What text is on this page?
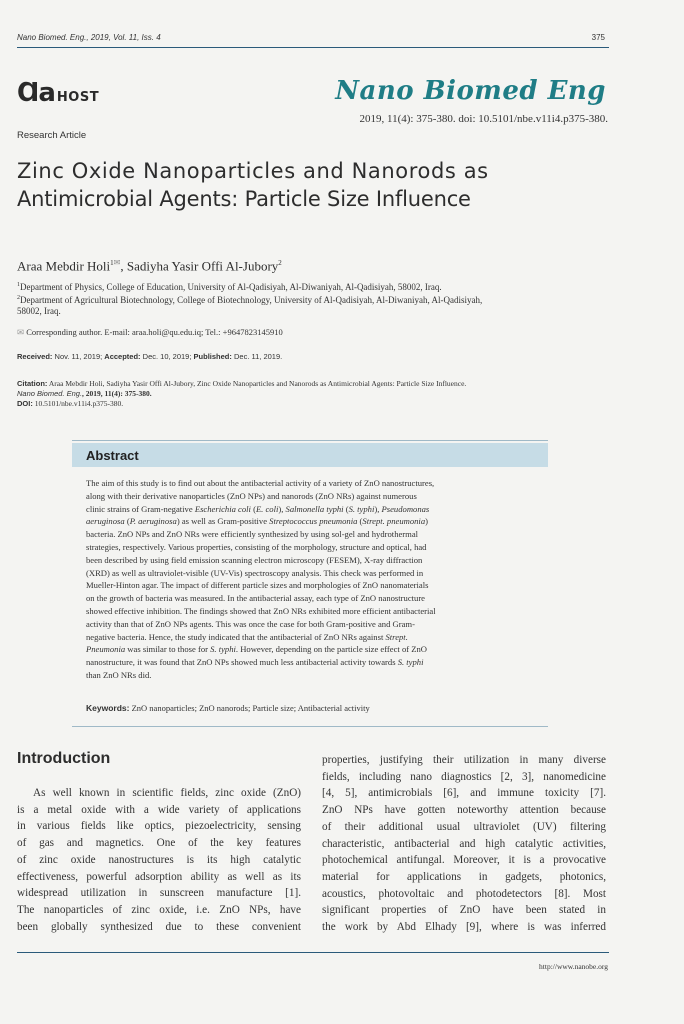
Nano Biomed. Eng., 2019, Vol. 11, Iss. 4	375
Ɑa HOST	Nano Biomed Eng
2019, 11(4): 375-380. doi: 10.5101/nbe.v11i4.p375-380.
Research Article
Zinc Oxide Nanoparticles and Nanorods as
Antimicrobial Agents: Particle Size Influence
Araa Mebdir Holi$^{1✉}$, Sadiyha Yasir Offi Al-Jubory$^2$
$^1$Department of Physics, College of Education, University of Al-Qadisiyah, Al-Diwaniyah, Al-Qadisiyah, 58002, Iraq.
$^2$Department of Agricultural Biotechnology, College of Biotechnology, University of Al-Qadisiyah, Al-Diwaniyah, Al-Qadisiyah,
58002, Iraq.
✉ Corresponding author. E-mail: araa.holi@qu.edu.iq; Tel.: +9647823145910
Received: Nov. 11, 2019; Accepted: Dec. 10, 2019; Published: Dec. 11, 2019.
Citation: Araa Mebdir Holi, Sadiyha Yasir Offi Al-Jubory, Zinc Oxide Nanoparticles and Nanorods as Antimicrobial Agents: Particle Size Influence.
Nano Biomed. Eng., 2019, 11(4): 375-380.
DOI: 10.5101/nbe.v11i4.p375-380.
Abstract
The aim of this study is to find out about the antibacterial activity of a variety of ZnO nanostructures,
along with their derivative nanoparticles (ZnO NPs) and nanorods (ZnO NRs) against numerous
clinic strains of Gram-negative Escherichia coli (E. coli), Salmonella typhi (S. typhi), Pseudomonas
aeruginosa (P. aeruginosa) as well as Gram-positive Streptococcus pneumonia (Strept. pneumonia)
bacteria. ZnO NPs and ZnO NRs were efficiently synthesized by using sol-gel and hydrothermal
strategies, respectively. Various properties, consisting of the morphology, structure and optical, had
been described by using field emission scanning electron microscopy (FESEM), X-ray diffraction
(XRD) as well as ultraviolet-visible (UV-Vis) spectroscopy analysis. This check was performed in
Mueller-Hinton agar. The impact of different particle sizes and morphologies of ZnO nanomaterials
on the growth of bacteria was measured. In the antibacterial assay, each type of ZnO nanostructure
showed effective inhibition. The findings showed that ZnO NRs exhibited more efficient antibacterial
activity than that of ZnO NPs agents. This was once the case for both Gram-positive and Gram-
negative bacteria. Hence, the study indicated that the antibacterial of ZnO NRs against Strept.
Pneumonia was similar to those for S. typhi. However, depending on the particle size effect of ZnO
nanostructure, it was found that ZnO NPs showed much less antibacterial activity towards S. typhi
than ZnO NRs did.
Keywords: ZnO nanoparticles; ZnO nanorods; Particle size; Antibacterial activity
Introduction
As well known in scientific fields, zinc oxide (ZnO)
is a metal oxide with a wide variety of applications
in various fields like optics, piezoelectricity, sensing
of gas and magnetics. One of the key features
of zinc oxide nanostructures is its high catalytic
effectiveness, powerful adsorption ability as well as its
widespread utilization in sunscreen manufacture [1].
The nanoparticles of zinc oxide, i.e. ZnO NPs, have
been globally synthesized due to these convenient
properties, justifying their utilization in many diverse
fields, including nano diagnostics [2, 3], nanomedicine
[4, 5], antimicrobials [6], and immune toxicity [7].
ZnO NPs have gotten noteworthy attention because
of their additional usual ultraviolet (UV) filtering
characteristic, antibacterial and high catalytic activities,
photochemical antifungal. Moreover, it is a provocative
material for applications in gadgets, photonics,
acoustics, photovoltaic and photodetectors [8]. Most
significant properties of ZnO have been stated in
the work by Abd Elhady [9], where is was inferred
http://www.nanobe.org
